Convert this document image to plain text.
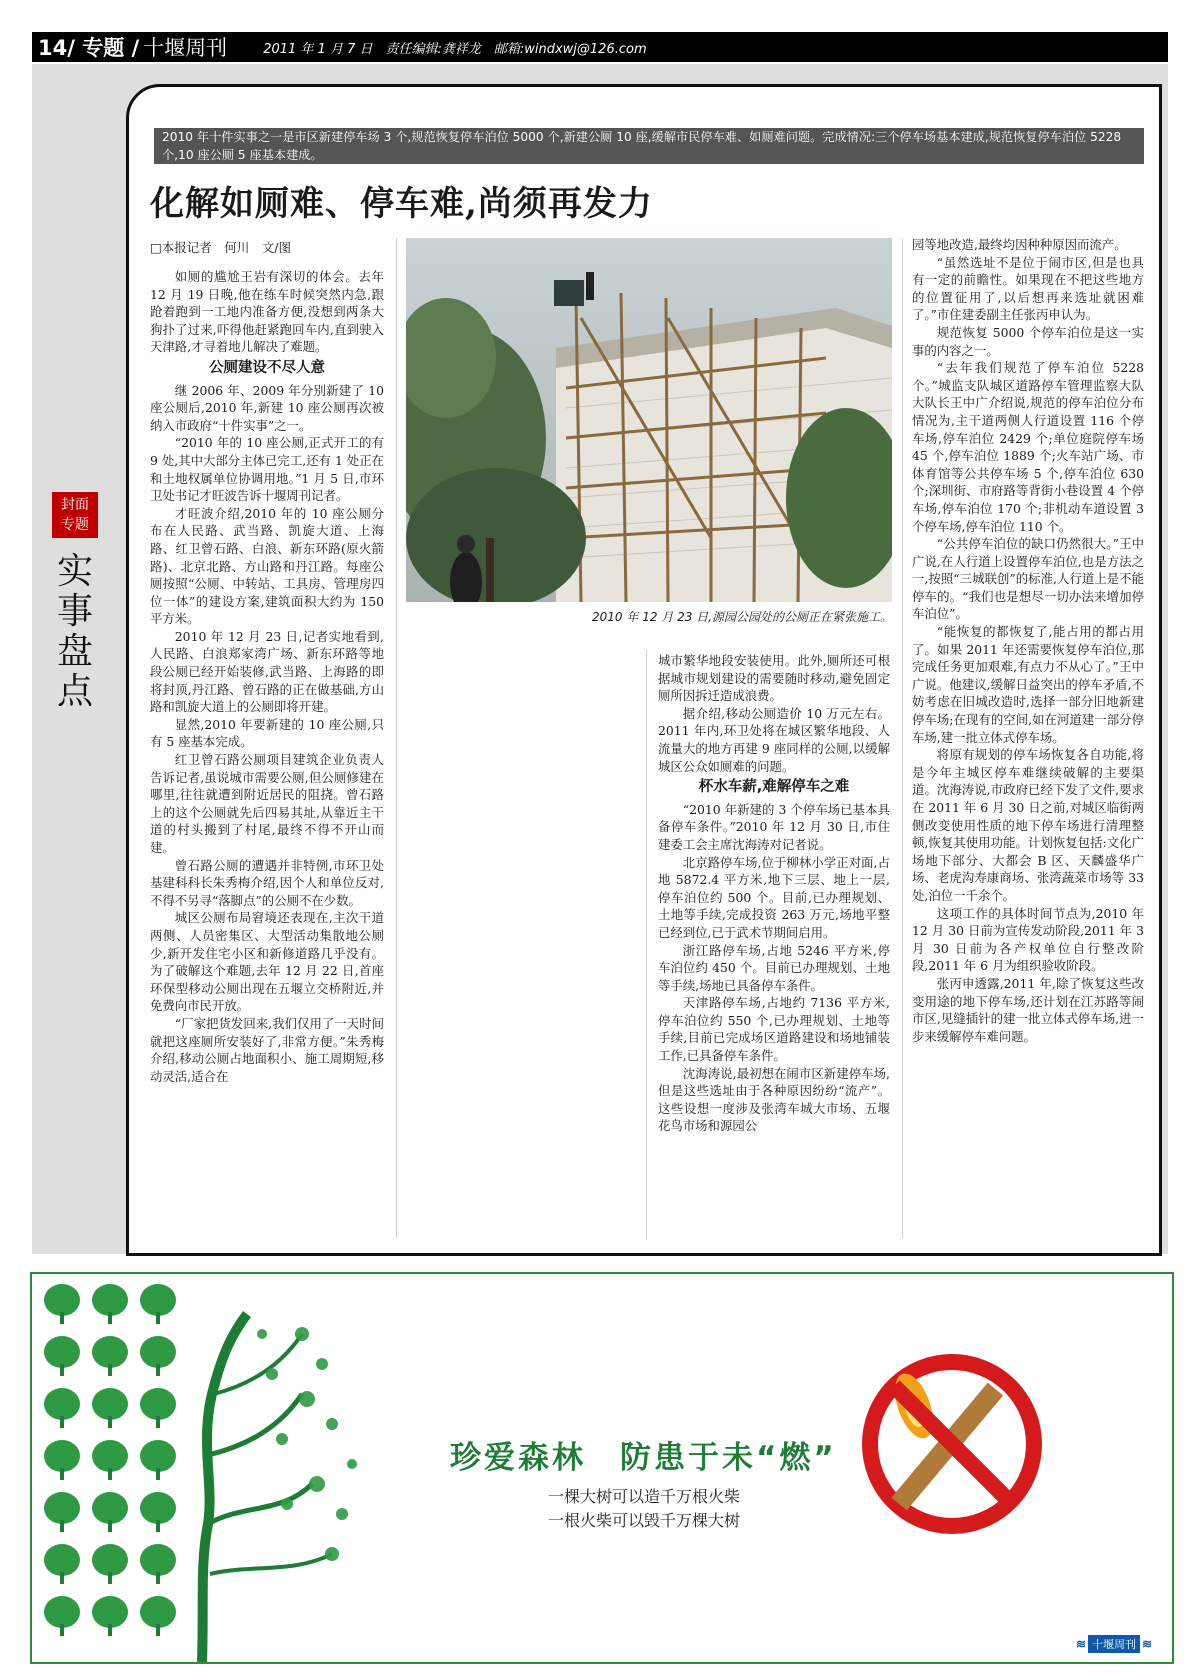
14/ 专题 / 十堰周刊	2011 年 1 月 7 日　责任编辑:龚祥龙　邮箱:windxwj@126.com
封面
专题
实事盘点
2010 年十件实事之一是市区新建停车场 3 个,规范恢复停车泊位 5000 个,新建公厕 10 座,缓解市民停车难、如厕难问题。完成情况:三个停车场基本建成,规范恢复停车泊位 5228 个,10 座公厕 5 座基本建成。
化解如厕难、停车难,尚须再发力
□本报记者　何川　文/图

如厕的尴尬王岩有深切的体会。去年 12 月 19 日晚,他在练车时候突然内急,跟跄着跑到一工地内准备方便,没想到两条大狗扑了过来,吓得他赶紧跑回车内,直到驶入天津路,才寻着地儿解决了难题。

公厕建设不尽人意

继 2006 年、2009 年分别新建了 10 座公厕后,2010 年,新建 10 座公厕再次被纳入市政府“十件实事”之一。

“2010 年的 10 座公厕,正式开工的有 9 处,其中大部分主体已完工,还有 1 处正在和土地权属单位协调用地。”1 月 5 日,市环卫处书记才旺波告诉十堰周刊记者。

才旺波介绍,2010 年的 10 座公厕分布在人民路、武当路、凯旋大道、上海路、红卫曾石路、白浪、新东环路(原火箭路)、北京北路、方山路和丹江路。每座公厕按照“公厕、中转站、工具房、管理房四位一体”的建设方案,建筑面积大约为 150 平方米。

2010 年 12 月 23 日,记者实地看到,人民路、白浪郑家湾广场、新东环路等地段公厕已经开始装修,武当路、上海路的即将封顶,丹江路、曾石路的正在做基础,方山路和凯旋大道上的公厕即将开建。

显然,2010 年要新建的 10 座公厕,只有 5 座基本完成。

红卫曾石路公厕项目建筑企业负责人告诉记者,虽说城市需要公厕,但公厕修建在哪里,往往就遭到附近居民的阻挠。曾石路上的这个公厕就先后四易其址,从靠近主干道的村头搬到了村尾,最终不得不开山而建。

曾石路公厕的遭遇并非特例,市环卫处基建科科长朱秀梅介绍,因个人和单位反对,不得不另寻“落脚点”的公厕不在少数。

城区公厕布局窘境还表现在,主次干道两侧、人员密集区、大型活动集散地公厕少,新开发住宅小区和新修道路几乎没有。为了破解这个难题,去年 12 月 22 日,首座环保型移动公厕出现在五堰立交桥附近,并免费向市民开放。

“厂家把货发回来,我们仅用了一天时间就把这座厕所安装好了,非常方便。”朱秀梅介绍,移动公厕占地面积小、施工周期短,移动灵活,适合在

城市繁华地段安装使用。此外,厕所还可根据城市规划建设的需要随时移动,避免固定厕所因拆迁造成浪费。

据介绍,移动公厕造价 10 万元左右。2011 年内,环卫处将在城区繁华地段、人流量大的地方再建 9 座同样的公厕,以缓解城区公众如厕难的问题。

杯水车薪,难解停车之难

“2010 年新建的 3 个停车场已基本具备停车条件。”2010 年 12 月 30 日,市住建委工会主席沈海涛对记者说。

北京路停车场,位于柳林小学正对面,占地 5872.4 平方米,地下三层、地上一层,停车泊位约 500 个。目前,已办理规划、土地等手续,完成投资 263 万元,场地平整已经到位,已于武术节期间启用。

浙江路停车场,占地 5246 平方米,停车泊位约 450 个。目前已办理规划、土地等手续,场地已具备停车条件。

天津路停车场,占地约 7136 平方米,停车泊位约 550 个,已办理规划、土地等手续,目前已完成场区道路建设和场地铺装工作,已具备停车条件。

沈海涛说,最初想在闹市区新建停车场,但是这些选址由于各种原因纷纷“流产”。这些设想一度涉及张湾车城大市场、五堰花鸟市场和源园公

园等地改造,最终均因种种原因而流产。

“虽然选址不是位于闹市区,但是也具有一定的前瞻性。如果现在不把这些地方的位置征用了,以后想再来选址就困难了。”市住建委副主任张丙申认为。

规范恢复 5000 个停车泊位是这一实事的内容之一。

“去年我们规范了停车泊位 5228 个。”城监支队城区道路停车管理监察大队大队长王中广介绍说,规范的停车泊位分布情况为,主干道两侧人行道设置 116 个停车场,停车泊位 2429 个;单位庭院停车场 45 个,停车泊位 1889 个;火车站广场、市体育馆等公共停车场 5 个,停车泊位 630 个;深圳街、市府路等背街小巷设置 4 个停车场,停车泊位 170 个;非机动车道设置 3 个停车场,停车泊位 110 个。

“公共停车泊位的缺口仍然很大。”王中广说,在人行道上设置停车泊位,也是方法之一,按照“三城联创”的标准,人行道上是不能停车的。“我们也是想尽一切办法来增加停车泊位”。

“能恢复的都恢复了,能占用的都占用了。如果 2011 年还需要恢复停车泊位,那完成任务更加艰难,有点力不从心了。”王中广说。他建议,缓解日益突出的停车矛盾,不妨考虑在旧城改造时,选择一部分旧地新建停车场;在现有的空间,如在河道建一部分停车场,建一批立体式停车场。

将原有规划的停车场恢复各自功能,将是今年主城区停车难继续破解的主要渠道。沈海涛说,市政府已经下发了文件,要求在 2011 年 6 月 30 日之前,对城区临街两侧改变使用性质的地下停车场进行清理整顿,恢复其使用功能。计划恢复包括:文化广场地下部分、大都会 B 区、天麟盛华广场、老虎沟寿康商场、张湾蔬菜市场等 33 处,泊位一千余个。

这项工作的具体时间节点为,2010 年 12 月 30 日前为宣传发动阶段,2011 年 3 月 30 日前为各产权单位自行整改阶段,2011 年 6 月为组织验收阶段。

张丙申透露,2011 年,除了恢复这些改变用途的地下停车场,还计划在江苏路等闹市区,见缝插针的建一批立体式停车场,进一步来缓解停车难问题。

2010 年 12 月 23 日,源园公园处的公厕正在紧张施工。
珍爱森林　防患于未“燃”
一棵大树可以造千万根火柴
一根火柴可以毁千万棵大树
≋ 十堰周刊 ≋
